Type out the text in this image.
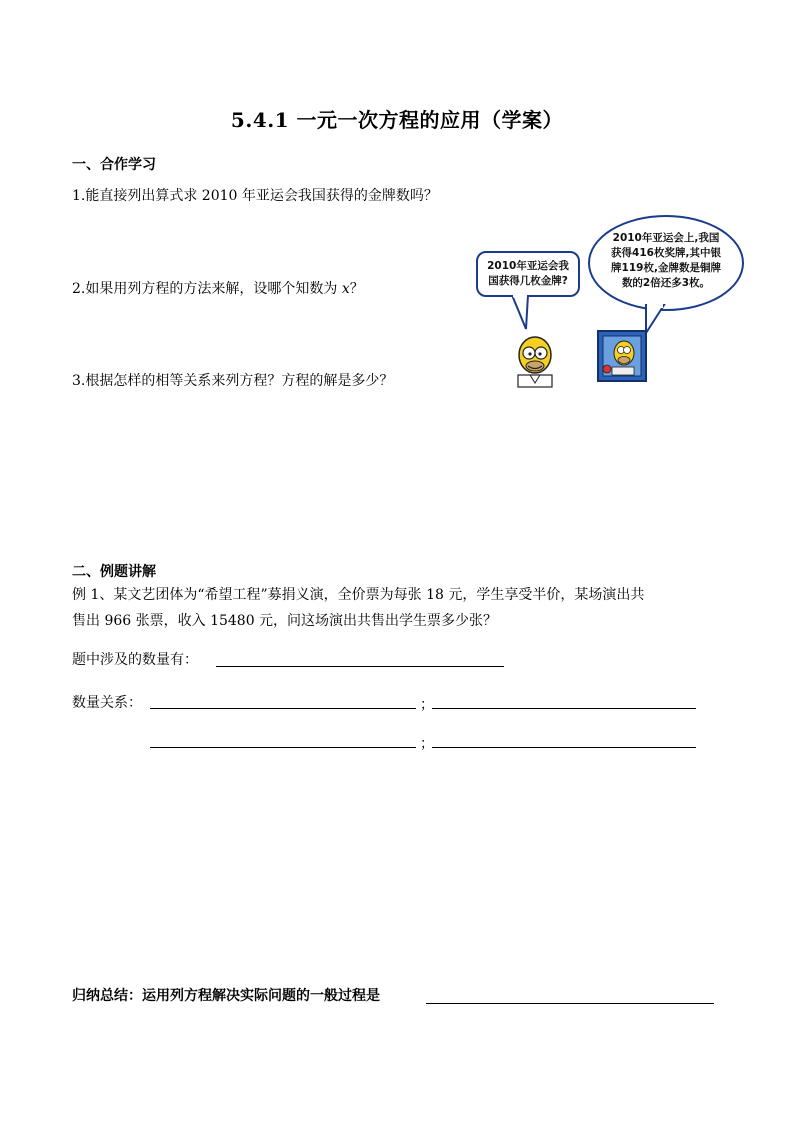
5.4.1 一元一次方程的应用（学案）
一、合作学习
1.能直接列出算式求 2010 年亚运会我国获得的金牌数吗？
2.如果用列方程的方法来解，设哪个知数为 x？
3.根据怎样的相等关系来列方程？方程的解是多少？
2010年亚运会我国获得几枚金牌?
2010年亚运会上,我国获得416枚奖牌,其中银牌119枚,金牌数是铜牌数的2倍还多3枚。
二、例题讲解
例 1、某文艺团体为“希望工程”募捐义演，全价票为每张 18 元，学生享受半价，某场演出共
售出 966 张票，收入 15480 元，问这场演出共售出学生票多少张？
题中涉及的数量有：
数量关系：	；
；
归纳总结：运用列方程解决实际问题的一般过程是
